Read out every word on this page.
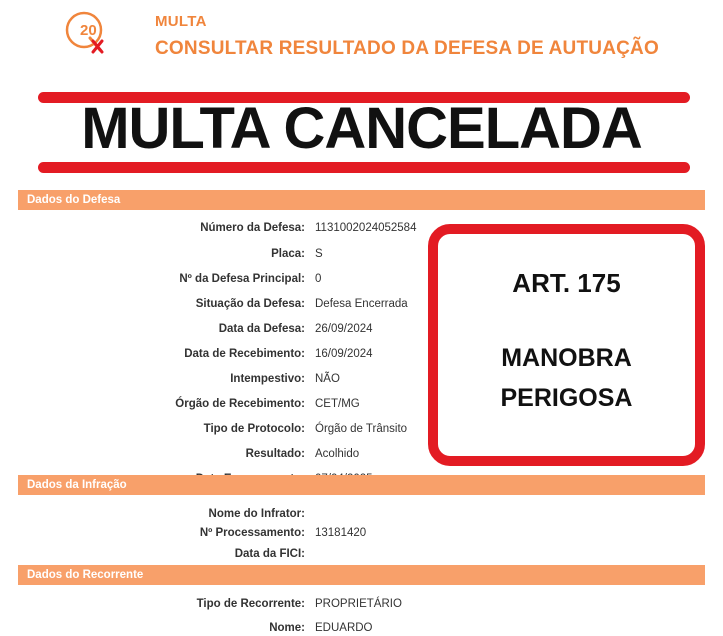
20
MULTA
CONSULTAR RESULTADO DA DEFESA DE AUTUAÇÃO
MULTA CANCELADA
Dados do Defesa
Número da Defesa: 1131002024052584
Placa: S
Nº da Defesa Principal: 0
Situação da Defesa: Defesa Encerrada
Data da Defesa: 26/09/2024
Data de Recebimento: 16/09/2024
Intempestivo: NÃO
Órgão de Recebimento: CET/MG
Tipo de Protocolo: Órgão de Trânsito
Resultado: Acolhido
ART. 175
MANOBRA
PERIGOSA
Dados da Infração
Nome do Infrator:
Nº Processamento: 13181420
Data da FICI:
Dados do Recorrente
Tipo de Recorrente: PROPRIETÁRIO
Nome: EDUARDO
